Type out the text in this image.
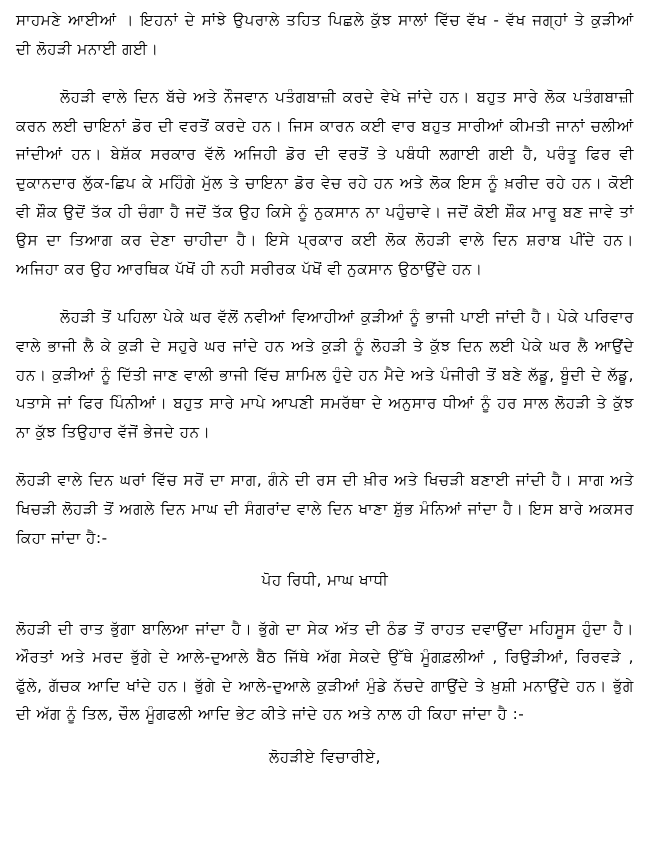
ਸਾਹਮਣੇ ਆਈਆਂ । ਇਹਨਾਂ ਦੇ ਸਾਂਝੇ ਉਪਰਾਲੇ ਤਹਿਤ ਪਿਛਲੇ ਕੁੱਝ ਸਾਲਾਂ ਵਿੱਚ ਵੱਖ - ਵੱਖ ਜਗ੍ਹਾਂ ਤੇ ਕੁੜੀਆਂ ਦੀ ਲੋਹੜੀ ਮਨਾਈ ਗਈ।

ਲੋਹੜੀ ਵਾਲੇ ਦਿਨ ਬੱਚੇ ਅਤੇ ਨੌਜਵਾਨ ਪਤੰਗਬਾਜ਼ੀ ਕਰਦੇ ਵੇਖੇ ਜਾਂਦੇ ਹਨ। ਬਹੁਤ ਸਾਰੇ ਲੋਕ ਪਤੰਗਬਾਜ਼ੀ ਕਰਨ ਲਈ ਚਾਇਨਾਂ ਡੋਰ ਦੀ ਵਰਤੋਂ ਕਰਦੇ ਹਨ। ਜਿਸ ਕਾਰਨ ਕਈ ਵਾਰ ਬਹੁਤ ਸਾਰੀਆਂ ਕੀਮਤੀ ਜਾਨਾਂ ਚਲੀਆਂ ਜਾਂਦੀਆਂ ਹਨ। ਬੇਸ਼ੱਕ ਸਰਕਾਰ ਵੱਲੋ ਅਜਿਹੀ ਡੋਰ ਦੀ ਵਰਤੋਂ ਤੇ ਪਬੰਧੀ ਲਗਾਈ ਗਈ ਹੈ, ਪਰੰਤੂ ਫਿਰ ਵੀ ਦੁਕਾਨਦਾਰ ਲੁੱਕ-ਛਿਪ ਕੇ ਮਹਿੰਗੇ ਮੁੱਲ ਤੇ ਚਾਇਨਾ ਡੋਰ ਵੇਚ ਰਹੇ ਹਨ ਅਤੇ ਲੋਕ ਇਸ ਨੂੰ ਖ਼ਰੀਦ ਰਹੇ ਹਨ। ਕੋਈ ਵੀ ਸ਼ੌਕ ਉਦੋਂ ਤੱਕ ਹੀ ਚੰਗਾ ਹੈ ਜਦੋਂ ਤੱਕ ਉਹ ਕਿਸੇ ਨੂੰ ਨੁਕਸਾਨ ਨਾ ਪਹੁੰਚਾਵੇ। ਜਦੋਂ ਕੋਈ ਸ਼ੌਕ ਮਾਰੂ ਬਣ ਜਾਵੇ ਤਾਂ ਉਸ ਦਾ ਤਿਆਗ ਕਰ ਦੇਣਾ ਚਾਹੀਦਾ ਹੈ। ਇਸੇ ਪ੍ਰਕਾਰ ਕਈ ਲੋਕ ਲੋਹੜੀ ਵਾਲੇ ਦਿਨ ਸ਼ਰਾਬ ਪੀਂਦੇ ਹਨ। ਅਜਿਹਾ ਕਰ ਉਹ ਆਰਥਿਕ ਪੱਖੋਂ ਹੀ ਨਹੀ ਸਰੀਰਕ ਪੱਖੋਂ ਵੀ ਨੁਕਸਾਨ ਉਠਾਉਂਦੇ ਹਨ।

ਲੋਹੜੀ ਤੋਂ ਪਹਿਲਾ ਪੇਕੇ ਘਰ ਵੱਲੋਂ ਨਵੀਆਂ ਵਿਆਹੀਆਂ ਕੁੜੀਆਂ ਨੂੰ ਭਾਜੀ ਪਾਈ ਜਾਂਦੀ ਹੈ। ਪੇਕੇ ਪਰਿਵਾਰ ਵਾਲੇ ਭਾਜੀ ਲੈ ਕੇ ਕੁੜੀ ਦੇ ਸਹੁਰੇ ਘਰ ਜਾਂਦੇ ਹਨ ਅਤੇ ਕੁੜੀ ਨੂੰ ਲੋਹੜੀ ਤੇ ਕੁੱਝ ਦਿਨ ਲਈ ਪੇਕੇ ਘਰ ਲੈ ਆਉਂਦੇ ਹਨ। ਕੁੜੀਆਂ ਨੂੰ ਦਿੱਤੀ ਜਾਣ ਵਾਲੀ ਭਾਜੀ ਵਿੱਚ ਸ਼ਾਮਿਲ ਹੁੰਦੇ ਹਨ ਮੈਦੇ ਅਤੇ ਪੰਜੀਰੀ ਤੋਂ ਬਣੇ ਲੱਡੂ, ਬੂੰਦੀ ਦੇ ਲੱਡੂ, ਪਤਾਸੇ ਜਾਂ ਫਿਰ ਪਿੰਨੀਆਂ। ਬਹੁਤ ਸਾਰੇ ਮਾਪੇ ਆਪਣੀ ਸਮਰੱਥਾ ਦੇ ਅਨੁਸਾਰ ਧੀਆਂ ਨੂੰ ਹਰ ਸਾਲ ਲੋਹੜੀ ਤੇ ਕੁੱਝ ਨਾ ਕੁੱਝ ਤਿਉਹਾਰ ਵੱਜੋਂ ਭੇਜਦੇ ਹਨ।

ਲੋਹੜੀ ਵਾਲੇ ਦਿਨ ਘਰਾਂ ਵਿੱਚ ਸਰੋਂ ਦਾ ਸਾਗ, ਗੰਨੇ ਦੀ ਰਸ ਦੀ ਖ਼ੀਰ ਅਤੇ ਖਿਚੜੀ ਬਣਾਈ ਜਾਂਦੀ ਹੈ। ਸਾਗ ਅਤੇ ਖਿਚੜੀ ਲੋਹੜੀ ਤੋਂ ਅਗਲੇ ਦਿਨ ਮਾਘ ਦੀ ਸੰਗਰਾਂਦ ਵਾਲੇ ਦਿਨ ਖਾਣਾ ਸ਼ੁੱਭ ਮੰਨਿਆਂ ਜਾਂਦਾ ਹੈ। ਇਸ ਬਾਰੇ ਅਕਸਰ ਕਿਹਾ ਜਾਂਦਾ ਹੈ:-

ਪੋਹ ਰਿਧੀ, ਮਾਘ ਖਾਧੀ

ਲੋਹੜੀ ਦੀ ਰਾਤ ਭੁੱਗਾ ਬਾਲਿਆ ਜਾਂਦਾ ਹੈ। ਭੁੱਗੇ ਦਾ ਸੇਕ ਅੱਤ ਦੀ ਠੰਡ ਤੋਂ ਰਾਹਤ ਦਵਾਉਂਦਾ ਮਹਿਸੂਸ ਹੁੰਦਾ ਹੈ। ਔਰਤਾਂ ਅਤੇ ਮਰਦ ਭੁੱਗੇ ਦੇ ਆਲੇ-ਦੁਆਲੇ ਬੈਠ ਜਿੱਥੇ ਅੱਗ ਸੇਕਦੇ ਉੱਥੇ ਮੂੰਗਫ਼ਲੀਆਂ , ਰਿਉੜੀਆਂ, ਰਿਰਵੜੇ , ਫੁੱਲੇ, ਗੱਚਕ ਆਦਿ ਖਾਂਦੇ ਹਨ। ਭੁੱਗੇ ਦੇ ਆਲੇ-ਦੁਆਲੇ ਕੁੜੀਆਂ ਮੁੰਡੇ ਨੱਚਦੇ ਗਾਉਂਦੇ ਤੇ ਖ਼ੁਸ਼ੀ ਮਨਾਉਂਦੇ ਹਨ। ਭੁੱਗੇ ਦੀ ਅੱਗ ਨੂੰ ਤਿਲ, ਚੌਲ ਮੂੰਗਫਲੀ ਆਦਿ ਭੇਟ ਕੀਤੇ ਜਾਂਦੇ ਹਨ ਅਤੇ ਨਾਲ ਹੀ ਕਿਹਾ ਜਾਂਦਾ ਹੈ :-

ਲੋਹੜੀਏ ਵਿਚਾਰੀਏ,
